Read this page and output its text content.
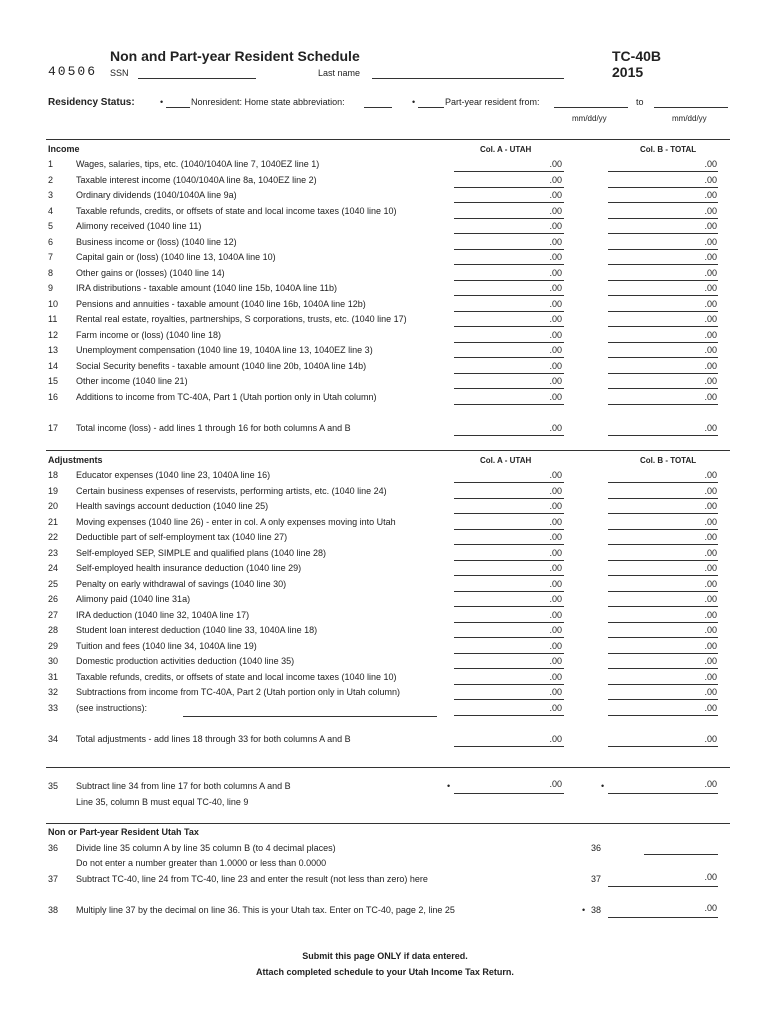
40506
Non and Part-year Resident Schedule	TC-40B
2015
SSN	Last name
Residency Status:	•	Nonresident: Home state abbreviation:	•	Part-year resident from:	to
mm/dd/yy	mm/dd/yy
Income	Col. A - UTAH	Col. B - TOTAL
1	Wages, salaries, tips, etc. (1040/1040A line 7, 1040EZ line 1)	.00	.00
2	Taxable interest income (1040/1040A line 8a, 1040EZ line 2)	.00	.00
3	Ordinary dividends (1040/1040A line 9a)	.00	.00
4	Taxable refunds, credits, or offsets of state and local income taxes (1040 line 10)	.00	.00
5	Alimony received (1040 line 11)	.00	.00
6	Business income or (loss) (1040 line 12)	.00	.00
7	Capital gain or (loss) (1040 line 13, 1040A line 10)	.00	.00
8	Other gains or (losses) (1040 line 14)	.00	.00
9	IRA distributions - taxable amount (1040 line 15b, 1040A line 11b)	.00	.00
10 Pensions and annuities - taxable amount (1040 line 16b, 1040A line 12b)	.00	.00
11 Rental real estate, royalties, partnerships, S corporations, trusts, etc. (1040 line 17)	.00	.00
12 Farm income or (loss) (1040 line 18)	.00	.00
13 Unemployment compensation (1040 line 19, 1040A line 13, 1040EZ line 3)	.00	.00
14 Social Security benefits - taxable amount (1040 line 20b, 1040A line 14b)	.00	.00
15 Other income (1040 line 21)	.00	.00
16 Additions to income from TC-40A, Part 1 (Utah portion only in Utah column)	.00	.00
17 Total income (loss) - add lines 1 through 16 for both columns A and B	.00	.00
Adjustments	Col. A - UTAH	Col. B - TOTAL
18 Educator expenses (1040 line 23, 1040A line 16)	.00	.00
19 Certain business expenses of reservists, performing artists, etc. (1040 line 24)	.00	.00
20 Health savings account deduction (1040 line 25)	.00	.00
21 Moving expenses (1040 line 26) - enter in col. A only expenses moving into Utah	.00	.00
22 Deductible part of self-employment tax (1040 line 27)	.00	.00
23 Self-employed SEP, SIMPLE and qualified plans (1040 line 28)	.00	.00
24 Self-employed health insurance deduction (1040 line 29)	.00	.00
25 Penalty on early withdrawal of savings (1040 line 30)	.00	.00
26 Alimony paid (1040 line 31a)	.00	.00
27 IRA deduction (1040 line 32, 1040A line 17)	.00	.00
28 Student loan interest deduction (1040 line 33, 1040A line 18)	.00	.00
29 Tuition and fees (1040 line 34, 1040A line 19)	.00	.00
30 Domestic production activities deduction (1040 line 35)	.00	.00
31 Taxable refunds, credits, or offsets of state and local income taxes (1040 line 10)	.00	.00
32 Subtractions from income from TC-40A, Part 2 (Utah portion only in Utah column)	.00	.00
33 (see instructions):	.00	.00
34 Total adjustments - add lines 18 through 33 for both columns A and B	.00	.00
35 Subtract line 34 from line 17 for both columns A and B
Line 35, column B must equal TC-40, line 9
•	.00	•	.00
Non or Part-year Resident Utah Tax
36 Divide line 35 column A by line 35 column B (to 4 decimal places)
Do not enter a number greater than 1.0000 or less than 0.0000
36
37 Subtract TC-40, line 24 from TC-40, line 23 and enter the result (not less than zero) here	37	.00
38 Multiply line 37 by the decimal on line 36. This is your Utah tax. Enter on TC-40, page 2, line 25	• 38	.00
Submit this page ONLY if data entered.
Attach completed schedule to your Utah Income Tax Return.
